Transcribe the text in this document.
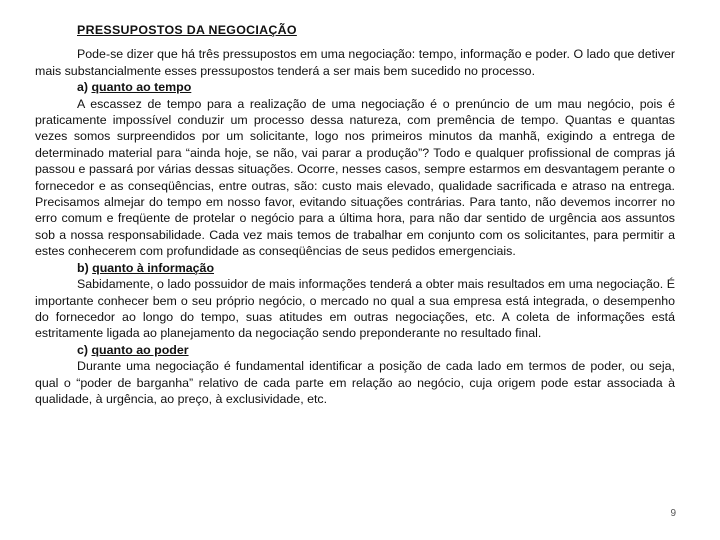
PRESSUPOSTOS DA NEGOCIAÇÃO

Pode-se dizer que há três pressupostos em uma negociação: tempo, informação e poder. O lado que detiver mais substancialmente esses pressupostos tenderá a ser mais bem sucedido no processo.

a) quanto ao tempo

A escassez de tempo para a realização de uma negociação é o prenúncio de um mau negócio, pois é praticamente impossível conduzir um processo dessa natureza, com premência de tempo. Quantas e quantas vezes somos surpreendidos por um solicitante, logo nos primeiros minutos da manhã, exigindo a entrega de determinado material para “ainda hoje, se não, vai parar a produção”? Todo e qualquer profissional de compras já passou e passará por várias dessas situações. Ocorre, nesses casos, sempre estarmos em desvantagem perante o fornecedor e as conseqüências, entre outras, são: custo mais elevado, qualidade sacrificada e atraso na entrega. Precisamos almejar do tempo em nosso favor, evitando situações contrárias. Para tanto, não devemos incorrer no erro comum e freqüente de protelar o negócio para a última hora, para não dar sentido de urgência aos assuntos sob a nossa responsabilidade. Cada vez mais temos de trabalhar em conjunto com os solicitantes, para permitir a estes conhecerem com profundidade as conseqüências de seus pedidos emergenciais.

b) quanto à informação

Sabidamente, o lado possuidor de mais informações tenderá a obter mais resultados em uma negociação. É importante conhecer bem o seu próprio negócio, o mercado no qual a sua empresa está integrada, o desempenho do fornecedor ao longo do tempo, suas atitudes em outras negociações, etc. A coleta de informações está estritamente ligada ao planejamento da negociação sendo preponderante no resultado final.

c) quanto ao poder

Durante uma negociação é fundamental identificar a posição de cada lado em termos de poder, ou seja, qual o “poder de barganha” relativo de cada parte em relação ao negócio, cuja origem pode estar associada à qualidade, à urgência, ao preço, à exclusividade, etc.

9
